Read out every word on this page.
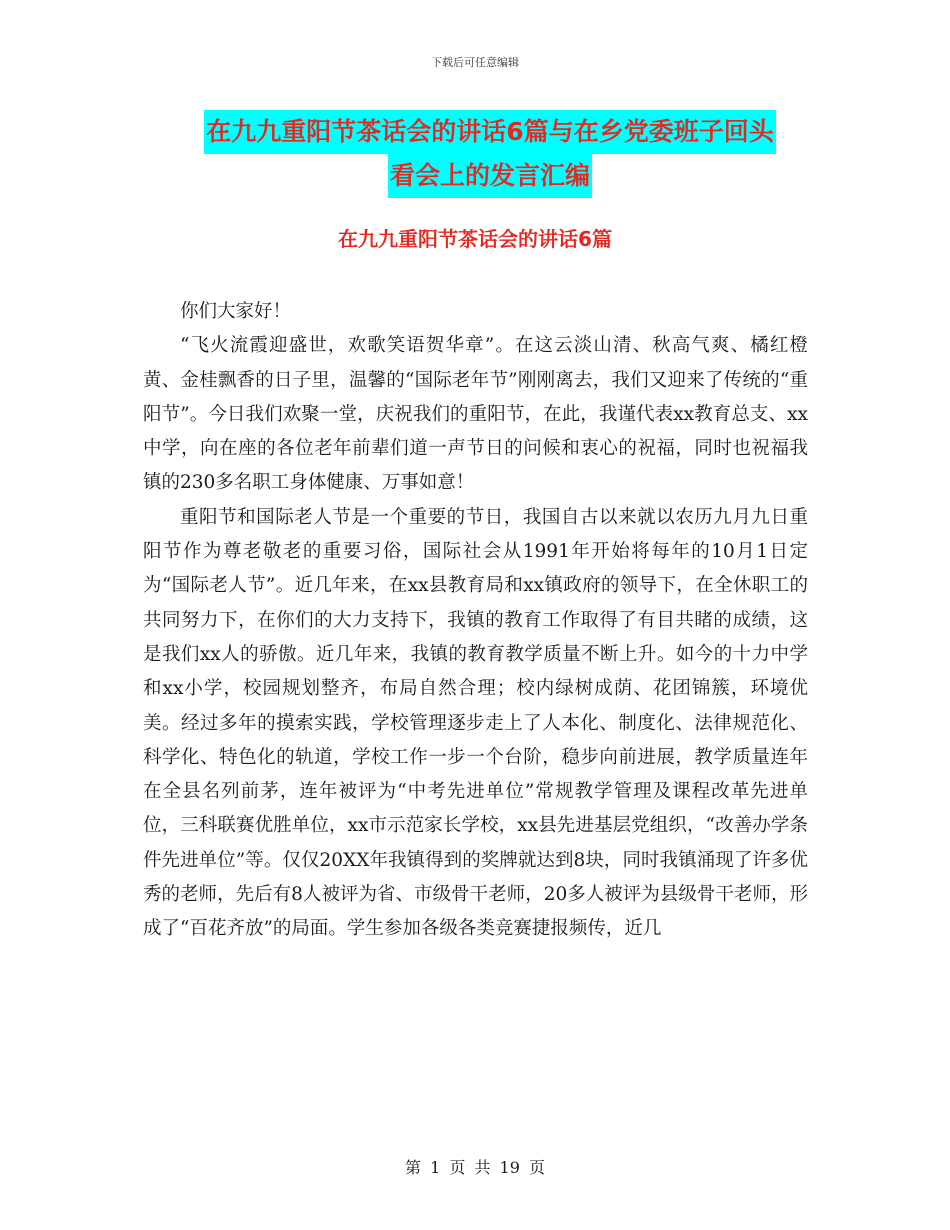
下载后可任意编辑
在九九重阳节茶话会的讲话6篇与在乡党委班子回头
看会上的发言汇编
在九九重阳节茶话会的讲话6篇

你们大家好！

“飞火流霞迎盛世，欢歌笑语贺华章”。在这云淡山清、秋高气爽、橘红橙黄、金桂飘香的日子里，温馨的“国际老年节”刚刚离去，我们又迎来了传统的“重阳节”。今日我们欢聚一堂，庆祝我们的重阳节，在此，我谨代表xx教育总支、xx中学，向在座的各位老年前辈们道一声节日的问候和衷心的祝福，同时也祝福我镇的230多名职工身体健康、万事如意！

重阳节和国际老人节是一个重要的节日，我国自古以来就以农历九月九日重阳节作为尊老敬老的重要习俗，国际社会从1991年开始将每年的10月1日定为“国际老人节”。近几年来，在xx县教育局和xx镇政府的领导下，在全休职工的共同努力下，在你们的大力支持下，我镇的教育工作取得了有目共睹的成绩，这是我们xx人的骄傲。近几年来，我镇的教育教学质量不断上升。如今的十力中学和xx小学，校园规划整齐，布局自然合理；校内绿树成荫、花团锦簇，环境优美。经过多年的摸索实践，学校管理逐步走上了人本化、制度化、法律规范化、科学化、特色化的轨道，学校工作一步一个台阶，稳步向前进展，教学质量连年在全县名列前茅，连年被评为“中考先进单位”常规教学管理及课程改革先进单位，三科联赛优胜单位，xx市示范家长学校，xx县先进基层党组织，“改善办学条件先进单位”等。仅仅20XX年我镇得到的奖牌就达到8块，同时我镇涌现了许多优秀的老师，先后有8人被评为省、市级骨干老师，20多人被评为县级骨干老师，形成了“百花齐放”的局面。学生参加各级各类竞赛捷报频传，近几

第 1 页 共 19 页
